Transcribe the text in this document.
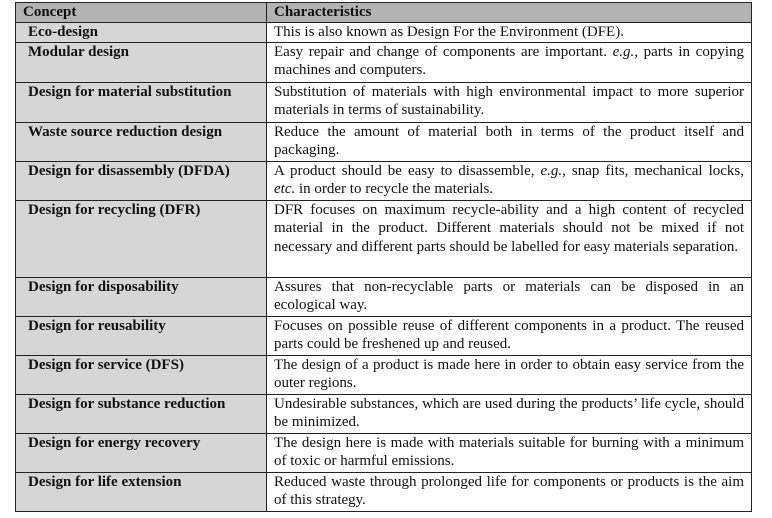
Concept	Characteristics
Eco-design	This is also known as Design For the Environment (DFE).
Modular design	Easy repair and change of components are important. e.g., parts in copying machines and computers.
Design for material substitution	Substitution of materials with high environmental impact to more superior materials in terms of sustainability.
Waste source reduction design	Reduce the amount of material both in terms of the product itself and packaging.
Design for disassembly (DFDA)	A product should be easy to disassemble, e.g., snap fits, mechanical locks, etc. in order to recycle the materials.
Design for recycling (DFR)	DFR focuses on maximum recycle-ability and a high content of recycled material in the product. Different materials should not be mixed if not necessary and different parts should be labelled for easy materials separation.
Design for disposability	Assures that non-recyclable parts or materials can be disposed in an ecological way.
Design for reusability	Focuses on possible reuse of different components in a product. The reused parts could be freshened up and reused.
Design for service (DFS)	The design of a product is made here in order to obtain easy service from the outer regions.
Design for substance reduction	Undesirable substances, which are used during the products’ life cycle, should be minimized.
Design for energy recovery	The design here is made with materials suitable for burning with a minimum of toxic or harmful emissions.
Design for life extension	Reduced waste through prolonged life for components or products is the aim of this strategy.
